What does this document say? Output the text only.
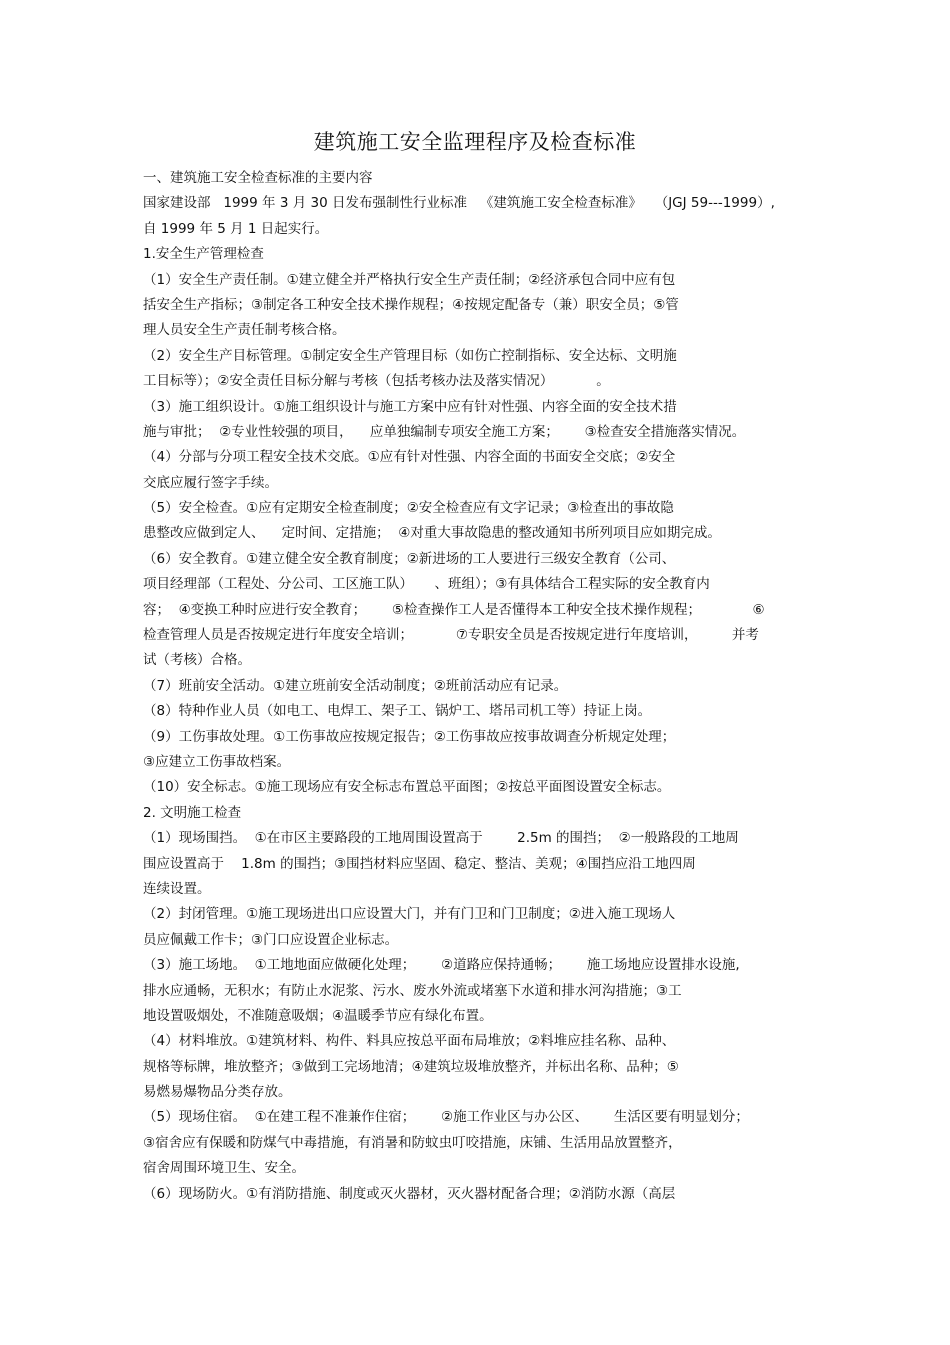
建筑施工安全监理程序及检查标准
一、建筑施工安全检查标准的主要内容
国家建设部   1999 年 3 月 30 日发布强制性行业标准   《建筑施工安全检查标准》   （JGJ 59---1999）,
自 1999 年 5 月 1 日起实行。
1.安全生产管理检查
（1）安全生产责任制。①建立健全并严格执行安全生产责任制；②经济承包合同中应有包
括安全生产指标；③制定各工种安全技术操作规程；④按规定配备专（兼）职安全员；⑤管
理人员安全生产责任制考核合格。
（2）安全生产目标管理。①制定安全生产管理目标（如伤亡控制指标、安全达标、文明施
工目标等）；②安全责任目标分解与考核（包括考核办法及落实情况）          。
（3）施工组织设计。①施工组织设计与施工方案中应有针对性强、内容全面的安全技术措
施与审批；  ②专业性较强的项目，    应单独编制专项安全施工方案；      ③检查安全措施落实情况。
（4）分部与分项工程安全技术交底。①应有针对性强、内容全面的书面安全交底；②安全
交底应履行签字手续。
（5）安全检查。①应有定期安全检查制度；②安全检查应有文字记录；③检查出的事故隐
患整改应做到定人、    定时间、定措施；  ④对重大事故隐患的整改通知书所列项目应如期完成。
（6）安全教育。①建立健全安全教育制度；②新进场的工人要进行三级安全教育（公司、
项目经理部（工程处、分公司、工区施工队）     、班组）；③有具体结合工程实际的安全教育内
容；  ④变换工种时应进行安全教育；      ⑤检查操作工人是否懂得本工种安全技术操作规程；            ⑥
检查管理人员是否按规定进行年度安全培训；          ⑦专职安全员是否按规定进行年度培训，        并考
试（考核）合格。
（7）班前安全活动。①建立班前安全活动制度；②班前活动应有记录。
（8）特种作业人员（如电工、电焊工、架子工、锅炉工、塔吊司机工等）持证上岗。
（9）工伤事故处理。①工伤事故应按规定报告；②工伤事故应按事故调查分析规定处理；
③应建立工伤事故档案。
（10）安全标志。①施工现场应有安全标志布置总平面图；②按总平面图设置安全标志。
2. 文明施工检查
（1）现场围挡。  ①在市区主要路段的工地周围设置高于        2.5m 的围挡；  ②一般路段的工地周
围应设置高于    1.8m 的围挡；③围挡材料应坚固、稳定、整洁、美观；④围挡应沿工地四周
连续设置。
（2）封闭管理。①施工现场进出口应设置大门，并有门卫和门卫制度；②进入施工现场人
员应佩戴工作卡；③门口应设置企业标志。
（3）施工场地。  ①工地地面应做硬化处理；      ②道路应保持通畅；      施工场地应设置排水设施,
排水应通畅，无积水；有防止水泥浆、污水、废水外流或堵塞下水道和排水河沟措施；③工
地设置吸烟处，不准随意吸烟；④温暖季节应有绿化布置。
（4）材料堆放。①建筑材料、构件、料具应按总平面布局堆放；②料堆应挂名称、品种、
规格等标牌，堆放整齐；③做到工完场地清；④建筑垃圾堆放整齐，并标出名称、品种；⑤
易燃易爆物品分类存放。
（5）现场住宿。  ①在建工程不准兼作住宿；      ②施工作业区与办公区、      生活区要有明显划分；
③宿舍应有保暖和防煤气中毒措施，有消暑和防蚊虫叮咬措施，床铺、生活用品放置整齐，
宿舍周围环境卫生、安全。
（6）现场防火。①有消防措施、制度或灭火器材，灭火器材配备合理；②消防水源（高层
